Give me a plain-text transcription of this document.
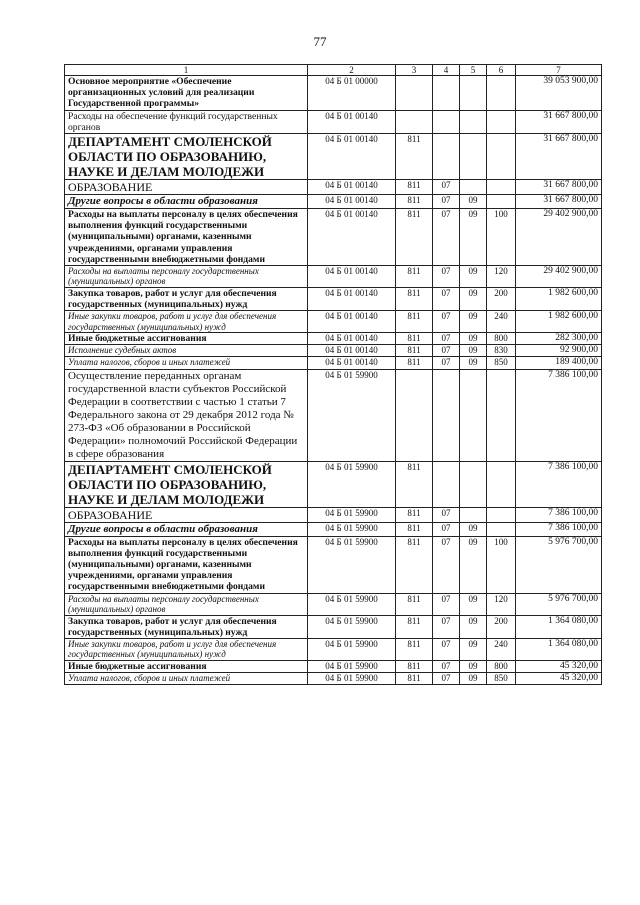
77
1	2	3	4	5	6	7
Основное мероприятие «Обеспечение организационных условий для реализации Государственной программы»	04 Б 01 00000					39 053 900,00
Расходы на обеспечение функций государственных органов	04 Б 01 00140					31 667 800,00
ДЕПАРТАМЕНТ СМОЛЕНСКОЙ ОБЛАСТИ ПО ОБРАЗОВАНИЮ, НАУКЕ И ДЕЛАМ МОЛОДЕЖИ	04 Б 01 00140	811				31 667 800,00
ОБРАЗОВАНИЕ	04 Б 01 00140	811	07			31 667 800,00
Другие вопросы в области образования	04 Б 01 00140	811	07	09		31 667 800,00
Расходы на выплаты персоналу в целях обеспечения выполнения функций государственными (муниципальными) органами, казенными учреждениями, органами управления государственными внебюджетными фондами	04 Б 01 00140	811	07	09	100	29 402 900,00
Расходы на выплаты персоналу государственных (муниципальных) органов	04 Б 01 00140	811	07	09	120	29 402 900,00
Закупка товаров, работ и услуг для обеспечения государственных (муниципальных) нужд	04 Б 01 00140	811	07	09	200	1 982 600,00
Иные закупки товаров, работ и услуг для обеспечения государственных (муниципальных) нужд	04 Б 01 00140	811	07	09	240	1 982 600,00
Иные бюджетные ассигнования	04 Б 01 00140	811	07	09	800	282 300,00
Исполнение судебных актов	04 Б 01 00140	811	07	09	830	92 900,00
Уплата налогов, сборов и иных платежей	04 Б 01 00140	811	07	09	850	189 400,00
Осуществление переданных органам государственной власти субъектов Российской Федерации в соответствии с частью 1 статьи 7 Федерального закона от 29 декабря 2012 года № 273-ФЗ «Об образовании в Российской Федерации» полномочий Российской Федерации в сфере образования	04 Б 01 59900					7 386 100,00
ДЕПАРТАМЕНТ СМОЛЕНСКОЙ ОБЛАСТИ ПО ОБРАЗОВАНИЮ, НАУКЕ И ДЕЛАМ МОЛОДЕЖИ	04 Б 01 59900	811				7 386 100,00
ОБРАЗОВАНИЕ	04 Б 01 59900	811	07			7 386 100,00
Другие вопросы в области образования	04 Б 01 59900	811	07	09		7 386 100,00
Расходы на выплаты персоналу в целях обеспечения выполнения функций государственными (муниципальными) органами, казенными учреждениями, органами управления государственными внебюджетными фондами	04 Б 01 59900	811	07	09	100	5 976 700,00
Расходы на выплаты персоналу государственных (муниципальных) органов	04 Б 01 59900	811	07	09	120	5 976 700,00
Закупка товаров, работ и услуг для обеспечения государственных (муниципальных) нужд	04 Б 01 59900	811	07	09	200	1 364 080,00
Иные закупки товаров, работ и услуг для обеспечения государственных (муниципальных) нужд	04 Б 01 59900	811	07	09	240	1 364 080,00
Иные бюджетные ассигнования	04 Б 01 59900	811	07	09	800	45 320,00
Уплата налогов, сборов и иных платежей	04 Б 01 59900	811	07	09	850	45 320,00
